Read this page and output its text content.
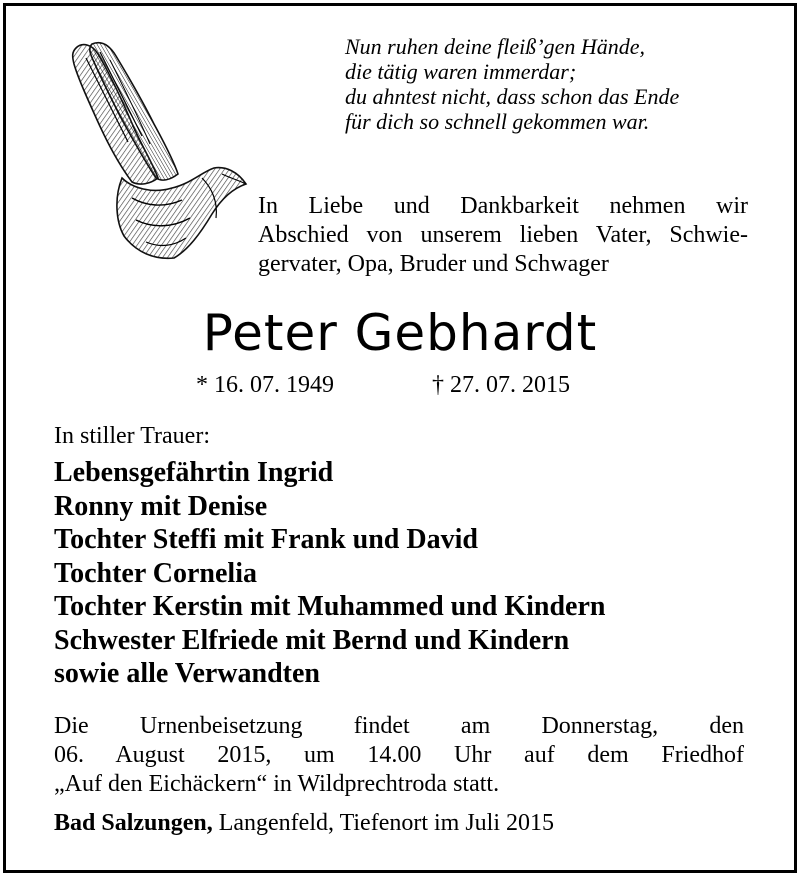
Nun ruhen deine fleiß’gen Hände,
die tätig waren immerdar;
du ahntest nicht, dass schon das Ende
für dich so schnell gekommen war.
In Liebe und Dankbarkeit nehmen wir
Abschied von unserem lieben Vater, Schwie-
gervater, Opa, Bruder und Schwager
Peter Gebhardt
* 16. 07. 1949	† 27. 07. 2015
In stiller Trauer:
Lebensgefährtin Ingrid
Ronny mit Denise
Tochter Steffi mit Frank und David
Tochter Cornelia
Tochter Kerstin mit Muhammed und Kindern
Schwester Elfriede mit Bernd und Kindern
sowie alle Verwandten
Die Urnenbeisetzung findet am Donnerstag, den
06. August 2015, um 14.00 Uhr auf dem Friedhof
„Auf den Eichäckern“ in Wildprechtroda statt.
Bad Salzungen, Langenfeld, Tiefenort im Juli 2015
